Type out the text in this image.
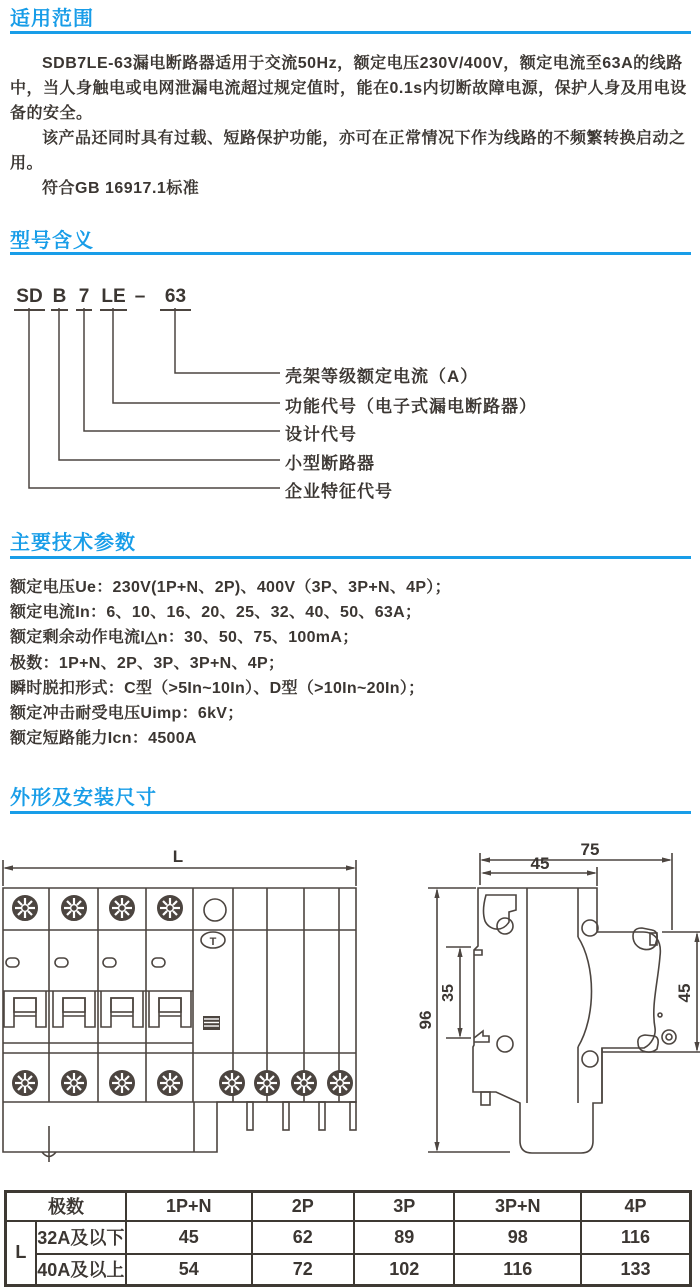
适用范围

SDB7LE-63漏电断路器适用于交流50Hz，额定电压230V/400V，额定电流至63A的线路中，当人身触电或电网泄漏电流超过规定值时，能在0.1s内切断故障电源，保护人身及用电设备的安全。

该产品还同时具有过载、短路保护功能，亦可在正常情况下作为线路的不频繁转换启动之用。

符合GB 16917.1标准

型号含义
SD B 7 LE – 63
壳架等级额定电流（A）
功能代号（电子式漏电断路器）
设计代号
小型断路器
企业特征代号
主要技术参数
额定电压Ue：230V(1P+N、2P)、400V（3P、3P+N、4P）；
额定电流In：6、10、16、20、25、32、40、50、63A；
额定剩余动作电流I△n：30、50、75、100mA；
极数：1P+N、2P、3P、3P+N、4P；
瞬时脱扣形式：C型（>5In~10In）、D型（>10In~20In）；
额定冲击耐受电压Uimp：6kV；
额定短路能力Icn：4500A
外形及安装尺寸
L
T
75
45
96
35	45
极数		1P+N	2P	3P	3P+N	4P
L	32A及以下	45	62	89	98	116
	40A及以上	54	72	102	116	133
